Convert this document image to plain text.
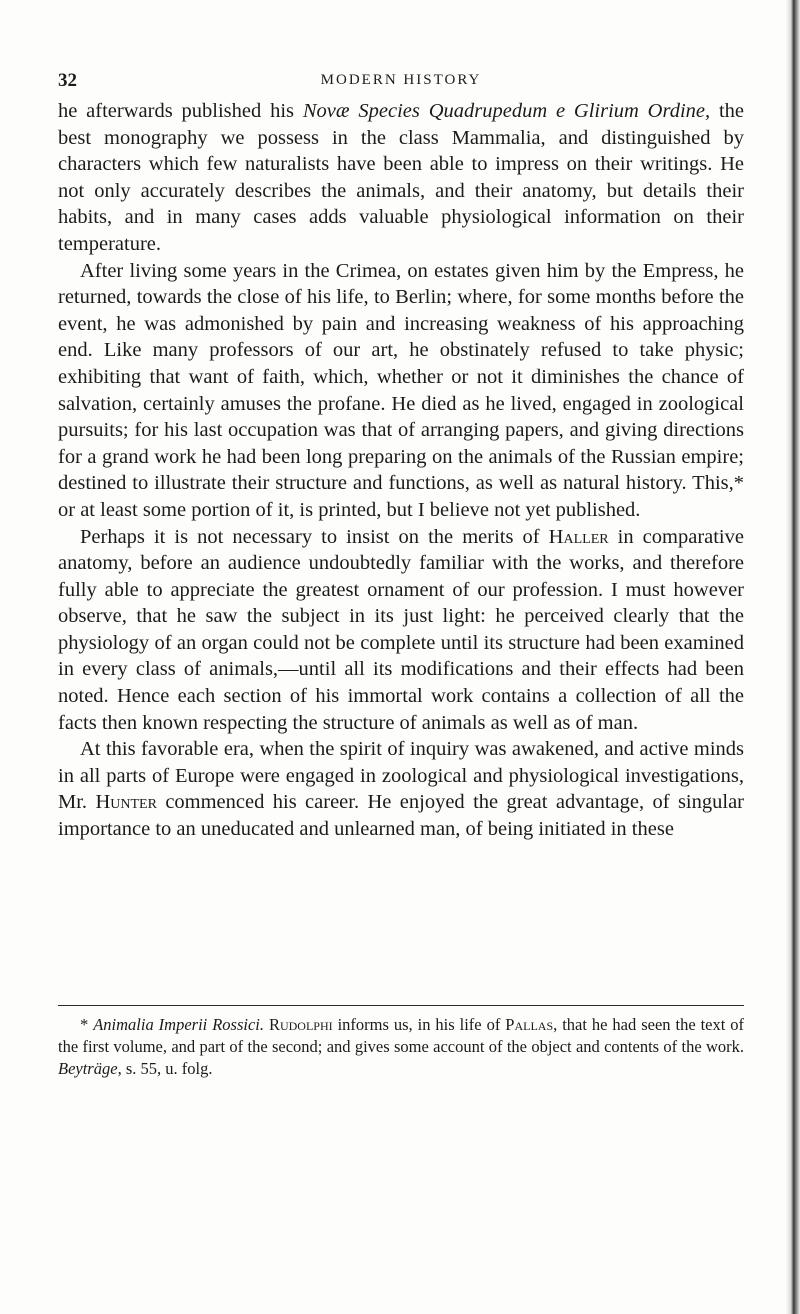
32	MODERN HISTORY

he afterwards published his Novæ Species Quadrupedum e Glirium Ordine, the best monography we possess in the class Mammalia, and distinguished by characters which few naturalists have been able to impress on their writings. He not only accurately describes the animals, and their anatomy, but details their habits, and in many cases adds valuable physiological information on their temperature.

After living some years in the Crimea, on estates given him by the Empress, he returned, towards the close of his life, to Berlin; where, for some months before the event, he was admonished by pain and increasing weakness of his approaching end. Like many professors of our art, he obstinately refused to take physic; exhibiting that want of faith, which, whether or not it diminishes the chance of salvation, certainly amuses the profane. He died as he lived, engaged in zoological pursuits; for his last occupation was that of arranging papers, and giving directions for a grand work he had been long preparing on the animals of the Russian empire; destined to illustrate their structure and functions, as well as natural history. This,* or at least some portion of it, is printed, but I believe not yet published.

Perhaps it is not necessary to insist on the merits of Haller in comparative anatomy, before an audience undoubtedly familiar with the works, and therefore fully able to appreciate the greatest ornament of our profession. I must however observe, that he saw the subject in its just light: he perceived clearly that the physiology of an organ could not be complete until its structure had been examined in every class of animals,—until all its modifications and their effects had been noted. Hence each section of his immortal work contains a collection of all the facts then known respecting the structure of animals as well as of man.

At this favorable era, when the spirit of inquiry was awakened, and active minds in all parts of Europe were engaged in zoological and physiological investigations, Mr. Hunter commenced his career. He enjoyed the great advantage, of singular importance to an uneducated and unlearned man, of being initiated in these

* Animalia Imperii Rossici. Rudolphi informs us, in his life of Pallas, that he had seen the text of the first volume, and part of the second; and gives some account of the object and contents of the work. Beyträge, s. 55, u. folg.
